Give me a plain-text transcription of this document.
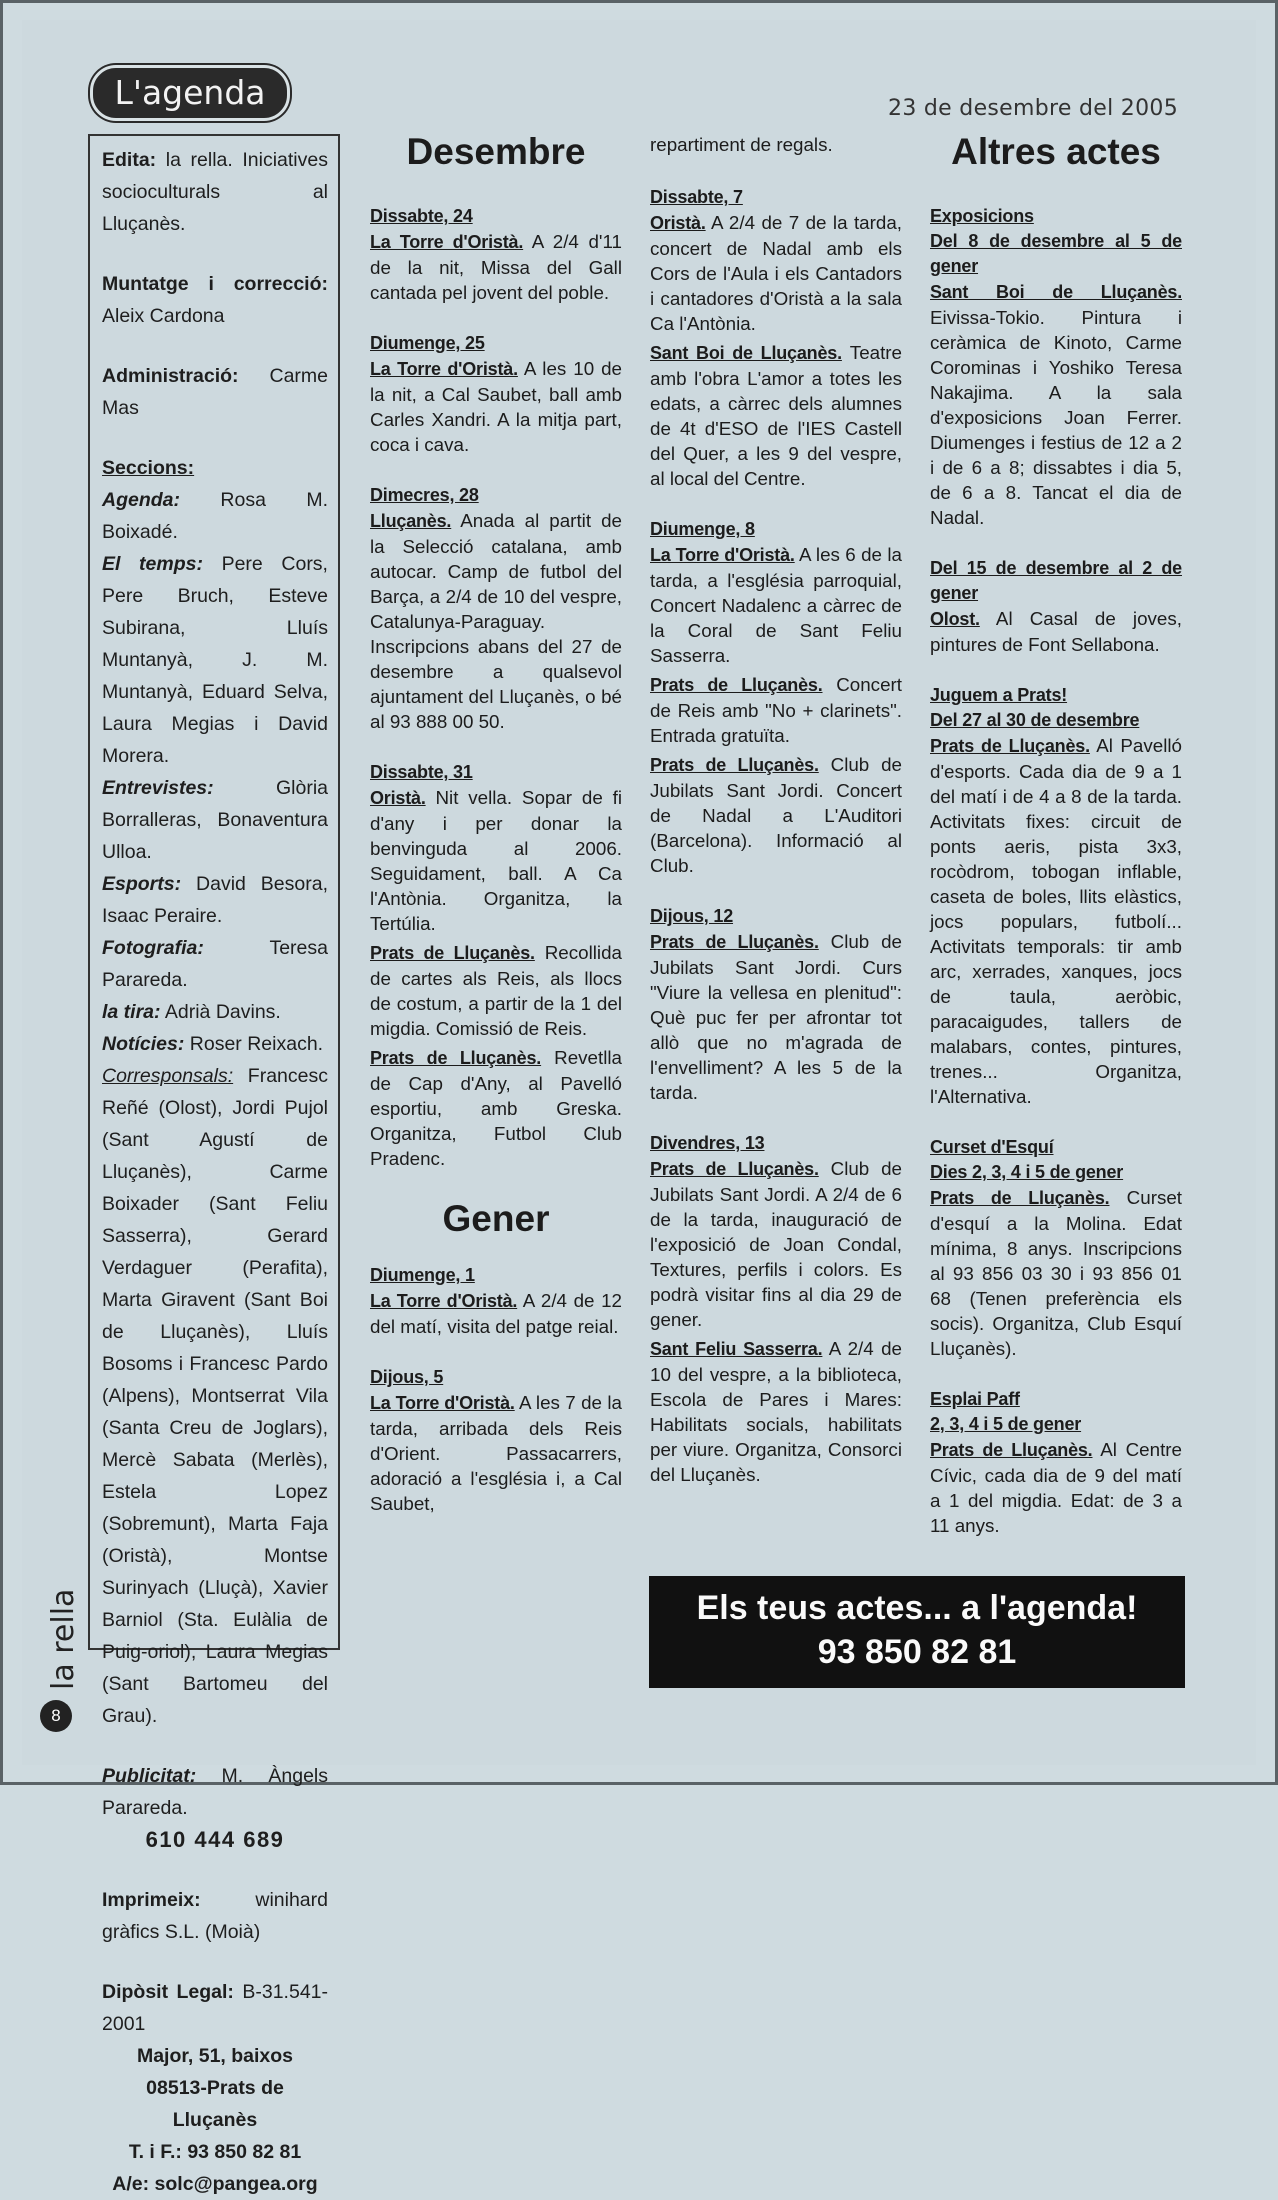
L'agenda	23 de desembre del 2005

Edita: la rella. Iniciatives socioculturals al Lluçanès.

Muntatge i correcció: Aleix Cardona

Administració: Carme Mas

Seccions:

Agenda: Rosa M. Boixadé.

El temps: Pere Cors, Pere Bruch, Esteve Subirana, Lluís Muntanyà, J. M. Muntanyà, Eduard Selva, Laura Megias i David Morera.

Entrevistes: Glòria Borralleras, Bonaventura Ulloa.

Esports: David Besora, Isaac Peraire.

Fotografia: Teresa Parareda.

la tira: Adrià Davins.

Notícies: Roser Reixach.

Corresponsals: Francesc Reñé (Olost), Jordi Pujol (Sant Agustí de Lluçanès), Carme Boixader (Sant Feliu Sasserra), Gerard Verdaguer (Perafita), Marta Giravent (Sant Boi de Lluçanès), Lluís Bosoms i Francesc Pardo (Alpens), Montserrat Vila (Santa Creu de Joglars), Mercè Sabata (Merlès), Estela Lopez (Sobremunt), Marta Faja (Oristà), Montse Surinyach (Lluçà), Xavier Barniol (Sta. Eulàlia de Puig-oriol), Laura Megias (Sant Bartomeu del Grau).

Publicitat: M. Àngels Parareda.

610 444 689

Imprimeix: winihard gràfics S.L. (Moià)

Dipòsit Legal: B-31.541-2001

Major, 51, baixos
08513-Prats de Lluçanès
T. i F.: 93 850 82 81
A/e: solc@pangea.org
la rella
8
Desembre
Dissabte, 24
La Torre d'Oristà. A 2/4 d'11 de la nit, Missa del Gall cantada pel jovent del poble.
Diumenge, 25
La Torre d'Oristà. A les 10 de la nit, a Cal Saubet, ball amb Carles Xandri. A la mitja part, coca i cava.
Dimecres, 28
Lluçanès. Anada al partit de la Selecció catalana, amb autocar. Camp de futbol del Barça, a 2/4 de 10 del vespre, Catalunya-Paraguay. Inscripcions abans del 27 de desembre a qualsevol ajuntament del Lluçanès, o bé al 93 888 00 50.
Dissabte, 31
Oristà. Nit vella. Sopar de fi d'any i per donar la benvinguda al 2006. Seguidament, ball. A Ca l'Antònia. Organitza, la Tertúlia.
Prats de Lluçanès. Recollida de cartes als Reis, als llocs de costum, a partir de la 1 del migdia. Comissió de Reis.
Prats de Lluçanès. Revetlla de Cap d'Any, al Pavelló esportiu, amb Greska. Organitza, Futbol Club Pradenc.
Gener
Diumenge, 1
La Torre d'Oristà. A 2/4 de 12 del matí, visita del patge reial.
Dijous, 5
La Torre d'Oristà. A les 7 de la tarda, arribada dels Reis d'Orient. Passacarrers, adoració a l'església i, a Cal Saubet,
repartiment de regals.
Dissabte, 7
Oristà. A 2/4 de 7 de la tarda, concert de Nadal amb els Cors de l'Aula i els Cantadors i cantadores d'Oristà a la sala Ca l'Antònia.
Sant Boi de Lluçanès. Teatre amb l'obra L'amor a totes les edats, a càrrec dels alumnes de 4t d'ESO de l'IES Castell del Quer, a les 9 del vespre, al local del Centre.
Diumenge, 8
La Torre d'Oristà. A les 6 de la tarda, a l'església parroquial, Concert Nadalenc a càrrec de la Coral de Sant Feliu Sasserra.
Prats de Lluçanès. Concert de Reis amb "No + clarinets". Entrada gratuïta.
Prats de Lluçanès. Club de Jubilats Sant Jordi. Concert de Nadal a L'Auditori (Barcelona). Informació al Club.
Dijous, 12
Prats de Lluçanès. Club de Jubilats Sant Jordi. Curs "Viure la vellesa en plenitud": Què puc fer per afrontar tot allò que no m'agrada de l'envelliment? A les 5 de la tarda.
Divendres, 13
Prats de Lluçanès. Club de Jubilats Sant Jordi. A 2/4 de 6 de la tarda, inauguració de l'exposició de Joan Condal, Textures, perfils i colors. Es podrà visitar fins al dia 29 de gener.
Sant Feliu Sasserra. A 2/4 de 10 del vespre, a la biblioteca, Escola de Pares i Mares: Habilitats socials, habilitats per viure. Organitza, Consorci del Lluçanès.
Altres actes
Exposicions
Del 8 de desembre al 5 de gener
Sant Boi de Lluçanès. Eivissa-Tokio. Pintura i ceràmica de Kinoto, Carme Corominas i Yoshiko Teresa Nakajima. A la sala d'exposicions Joan Ferrer. Diumenges i festius de 12 a 2 i de 6 a 8; dissabtes i dia 5, de 6 a 8. Tancat el dia de Nadal.
Del 15 de desembre al 2 de gener
Olost. Al Casal de joves, pintures de Font Sellabona.
Juguem a Prats!
Del 27 al 30 de desembre
Prats de Lluçanès. Al Pavelló d'esports. Cada dia de 9 a 1 del matí i de 4 a 8 de la tarda. Activitats fixes: circuit de ponts aeris, pista 3x3, rocòdrom, tobogan inflable, caseta de boles, llits elàstics, jocs populars, futbolí... Activitats temporals: tir amb arc, xerrades, xanques, jocs de taula, aeròbic, paracaigudes, tallers de malabars, contes, pintures, trenes... Organitza, l'Alternativa.
Curset d'Esquí
Dies 2, 3, 4 i 5 de gener
Prats de Lluçanès. Curset d'esquí a la Molina. Edat mínima, 8 anys. Inscripcions al 93 856 03 30 i 93 856 01 68 (Tenen preferència els socis). Organitza, Club Esquí Lluçanès).
Esplai Paff
2, 3, 4 i 5 de gener
Prats de Lluçanès. Al Centre Cívic, cada dia de 9 del matí a 1 del migdia. Edat: de 3 a 11 anys.
Els teus actes... a l'agenda!
93 850 82 81
